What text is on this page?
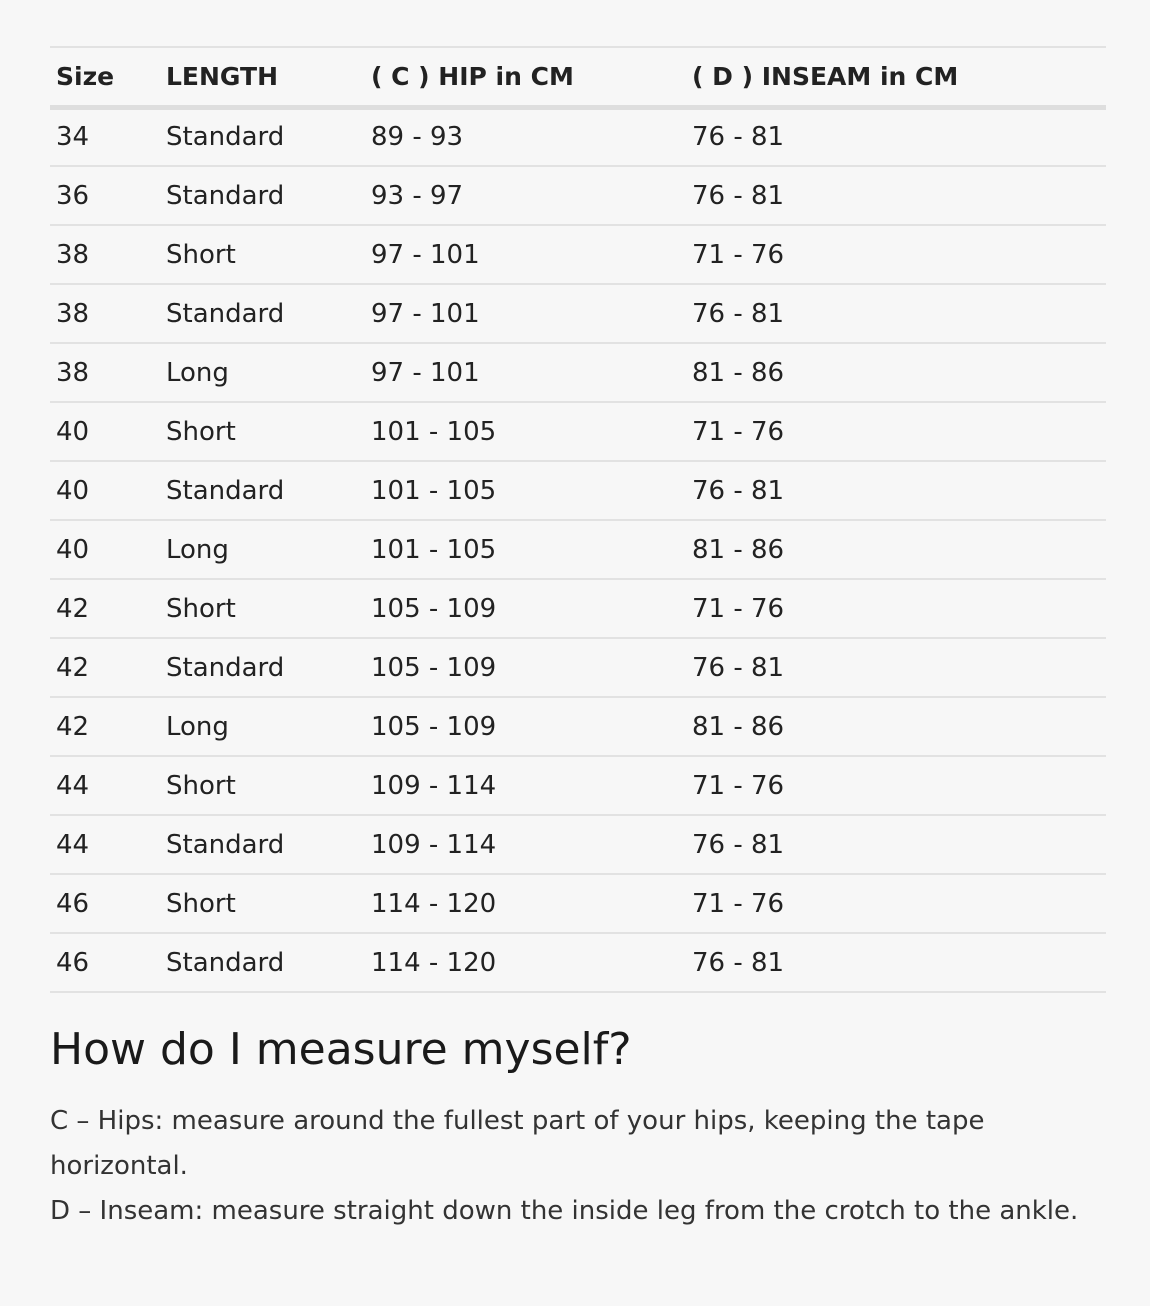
Size	LENGTH	( C ) HIP in CM	( D ) INSEAM in CM
34	Standard	89 - 93	76 - 81
36	Standard	93 - 97	76 - 81
38	Short	97 - 101	71 - 76
38	Standard	97 - 101	76 - 81
38	Long	97 - 101	81 - 86
40	Short	101 - 105	71 - 76
40	Standard	101 - 105	76 - 81
40	Long	101 - 105	81 - 86
42	Short	105 - 109	71 - 76
42	Standard	105 - 109	76 - 81
42	Long	105 - 109	81 - 86
44	Short	109 - 114	71 - 76
44	Standard	109 - 114	76 - 81
46	Short	114 - 120	71 - 76
46	Standard	114 - 120	76 - 81
How do I measure myself?

C – Hips: measure around the fullest part of your hips, keeping the tape horizontal.

D – Inseam: measure straight down the inside leg from the crotch to the ankle.
